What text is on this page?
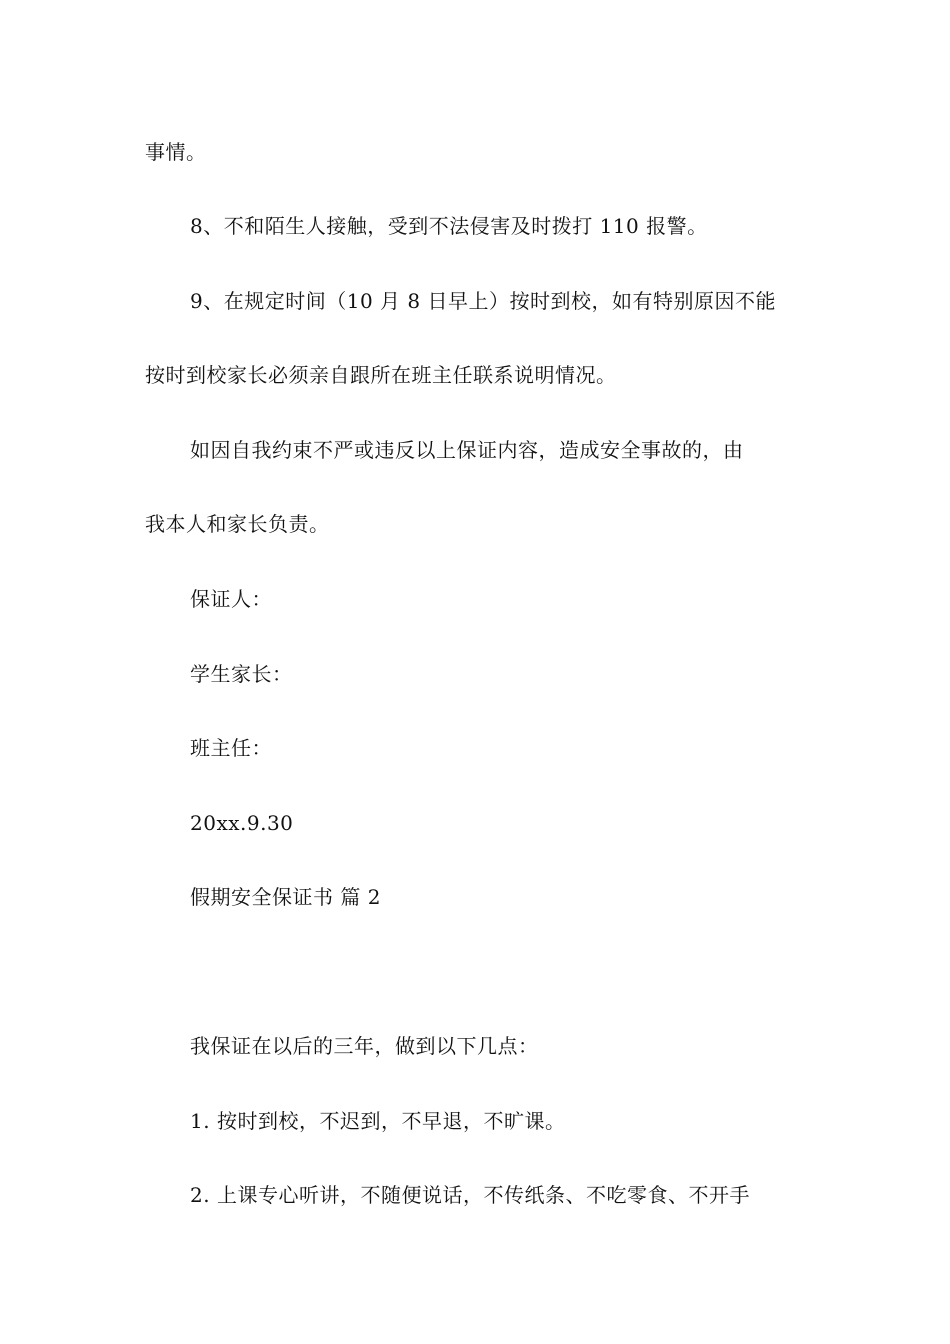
事情。
8、不和陌生人接触，受到不法侵害及时拨打 110 报警。
9、在规定时间（10 月 8 日早上）按时到校，如有特别原因不能
按时到校家长必须亲自跟所在班主任联系说明情况。
如因自我约束不严或违反以上保证内容，造成安全事故的，由
我本人和家长负责。
保证人：
学生家长：
班主任：
20xx.9.30
假期安全保证书 篇 2
我保证在以后的三年，做到以下几点：
1. 按时到校，不迟到，不早退，不旷课。
2. 上课专心听讲，不随便说话，不传纸条、不吃零食、不开手
